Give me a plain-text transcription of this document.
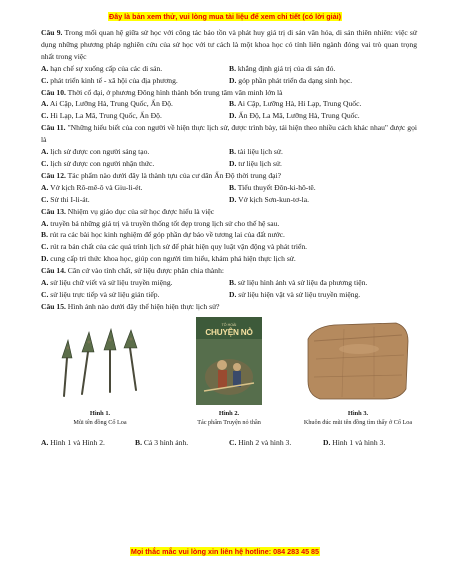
Đây là bản xem thử, vui lòng mua tài liệu để xem chi tiết (có lời giải)
Câu 9. Trong mối quan hệ giữa sử học với công tác bảo tồn và phát huy giá trị di sản văn hóa, di sản thiên nhiên: việc sử dụng những phương pháp nghiên cứu của sử học với tư cách là một khoa học có tính liên ngành đóng vai trò quan trọng nhất trong việc
A. hạn chế sự xuống cấp của các di sản.	B. khẳng định giá trị của di sản đó.
C. phát triển kinh tế - xã hội của địa phương.	D. góp phần phát triển đa dạng sinh học.
Câu 10. Thời cổ đại, ở phương Đông hình thành bốn trung tâm văn minh lớn là
A. Ai Cập, Lưỡng Hà, Trung Quốc, Ấn Độ.	B. Ai Cập, Lưỡng Hà, Hi Lạp, Trung Quốc.
C. Hi Lạp, La Mã, Trung Quốc, Ấn Độ.	D. Ấn Độ, La Mã, Lưỡng Hà, Trung Quốc.
Câu 11. "Những hiểu biết của con người về hiện thực lịch sử, được trình bày, tái hiện theo nhiều cách khác nhau" được gọi là
A. lịch sử được con người sáng tạo.	B. tài liệu lịch sử.
C. lịch sử được con người nhận thức.	D. tư liệu lịch sử.
Câu 12. Tác phẩm nào dưới đây là thành tựu của cư dân Ấn Độ thời trung đại?
A. Vở kịch Rô-mê-ô và Giu-li-ét.	B. Tiểu thuyết Đôn-ki-hô-tê.
C. Sử thi I-li-át.	D. Vở kịch Sơn-kun-tơ-la.
Câu 13. Nhiệm vụ giáo dục của sử học được hiểu là việc
A. truyền bá những giá trị và truyền thống tốt đẹp trong lịch sử cho thế hệ sau.
B. rút ra các bài học kinh nghiệm để góp phần dự báo về tương lai của đất nước.
C. rút ra bản chất của các quá trình lịch sử để phát hiện quy luật vận động và phát triển.
D. cung cấp tri thức khoa học, giúp con người tìm hiểu, khám phá hiện thực lịch sử.
Câu 14. Căn cứ vào tính chất, sử liệu được phân chia thành:
A. sử liệu chữ viết và sử liệu truyền miệng.	B. sử liệu hình ảnh và sử liệu đa phương tiện.
C. sử liệu trực tiếp và sử liệu gián tiếp.	D. sử liệu hiện vật và sử liệu truyền miệng.
Câu 15. Hình ảnh nào dưới đây thể hiện hiện thực lịch sử?
Hình 1.
Mũi tên đồng Cổ Loa
TÔ HOÀI
CHUYỆN NỎ
Hình 2.
Tác phẩm Truyện nỏ thần
Hình 3.
Khuôn đúc mũi tên đồng tìm thấy ở Cổ Loa
A. Hình 1 và Hình 2.	B. Cả 3 hình ảnh.	C. Hình 2 và hình 3.	D. Hình 1 và hình 3.
Mọi thắc mắc vui lòng xin liên hệ hotline: 084 283 45 85
